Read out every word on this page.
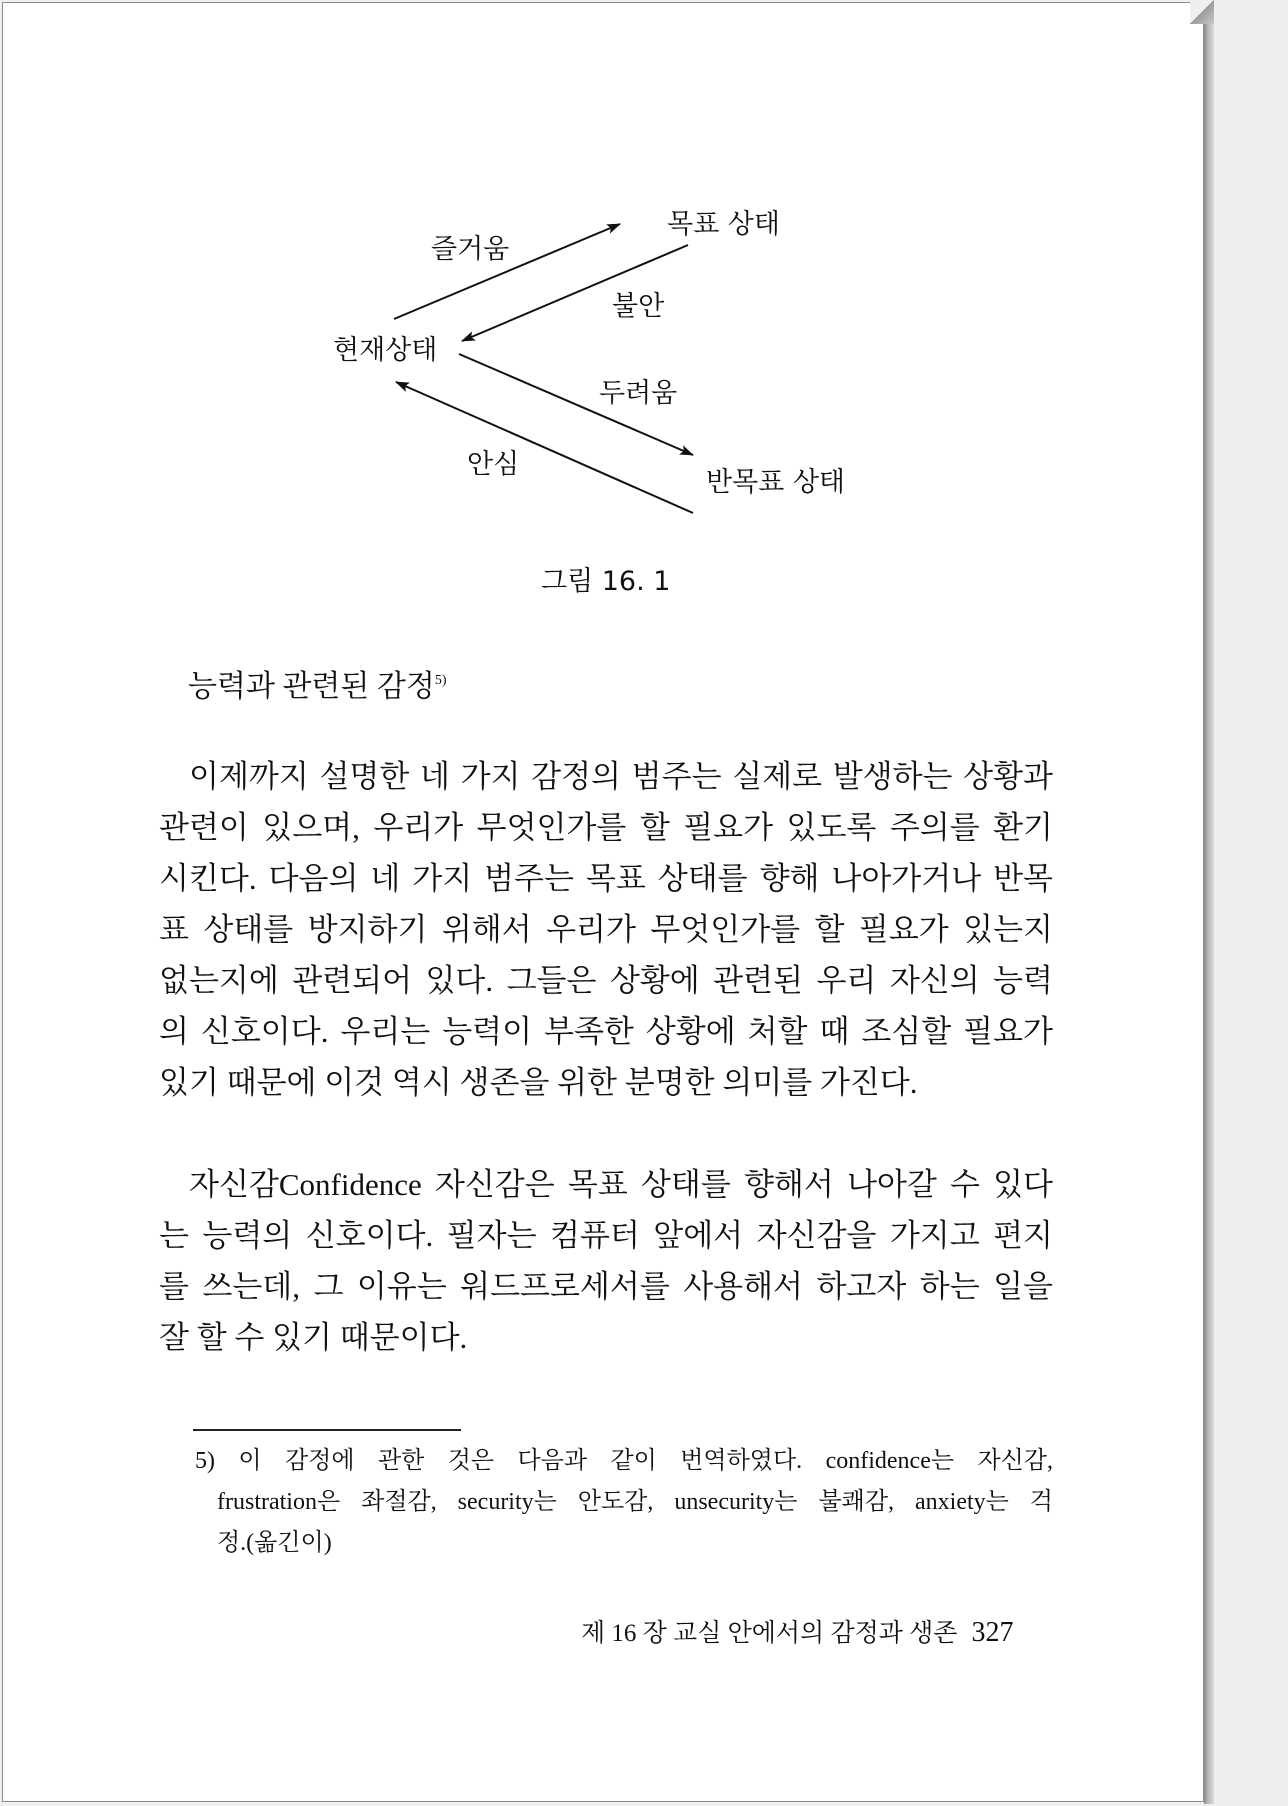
목표 상태
즐거움
불안
현재상태
두려움
안심
반목표 상태
그림 16. 1
능력과 관련된 감정$^{5)}$
이제까지 설명한 네 가지 감정의 범주는 실제로 발생하는 상황과
관련이 있으며, 우리가 무엇인가를 할 필요가 있도록 주의를 환기
시킨다. 다음의 네 가지 범주는 목표 상태를 향해 나아가거나 반목
표 상태를 방지하기 위해서 우리가 무엇인가를 할 필요가 있는지
없는지에 관련되어 있다. 그들은 상황에 관련된 우리 자신의 능력
의 신호이다. 우리는 능력이 부족한 상황에 처할 때 조심할 필요가
있기 때문에 이것 역시 생존을 위한 분명한 의미를 가진다.
자신감Confidence 자신감은 목표 상태를 향해서 나아갈 수 있다
는 능력의 신호이다. 필자는 컴퓨터 앞에서 자신감을 가지고 편지
를 쓰는데, 그 이유는 워드프로세서를 사용해서 하고자 하는 일을
잘 할 수 있기 때문이다.
5) 이 감정에 관한 것은 다음과 같이 번역하였다. confidence는 자신감,
frustration은 좌절감, security는 안도감, unsecurity는 불쾌감, anxiety는 걱
정.(옮긴이)
제 16 장 교실 안에서의 감정과 생존 327
